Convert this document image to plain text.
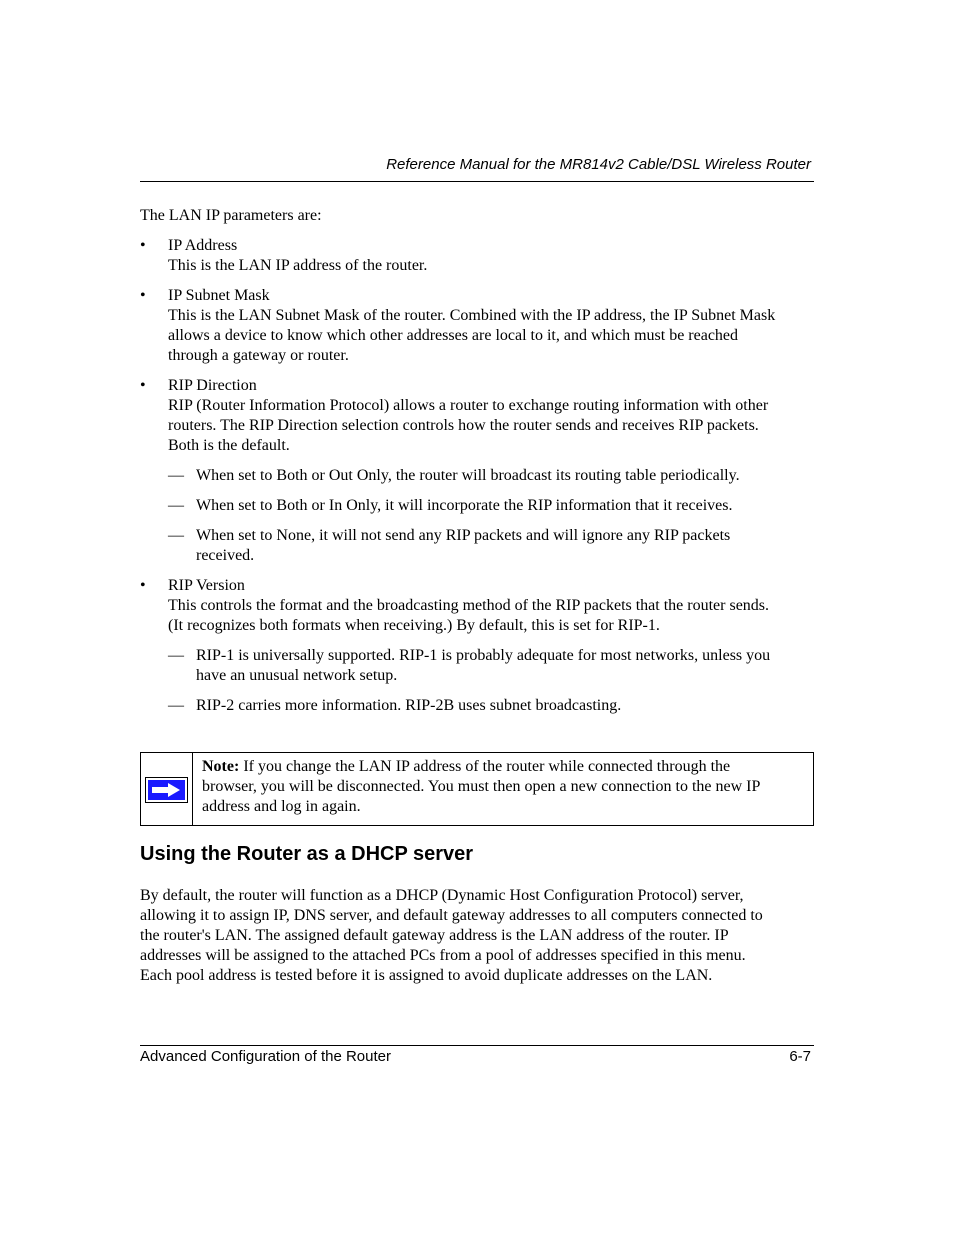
Reference Manual for the MR814v2 Cable/DSL Wireless Router
The LAN IP parameters are:
• IP Address
This is the LAN IP address of the router.
• IP Subnet Mask
This is the LAN Subnet Mask of the router. Combined with the IP address, the IP Subnet Mask
allows a device to know which other addresses are local to it, and which must be reached
through a gateway or router.
• RIP Direction
RIP (Router Information Protocol) allows a router to exchange routing information with other
routers. The RIP Direction selection controls how the router sends and receives RIP packets.
Both is the default.
— When set to Both or Out Only, the router will broadcast its routing table periodically.
— When set to Both or In Only, it will incorporate the RIP information that it receives.
— When set to None, it will not send any RIP packets and will ignore any RIP packets
received.
• RIP Version
This controls the format and the broadcasting method of the RIP packets that the router sends.
(It recognizes both formats when receiving.) By default, this is set for RIP-1.
— RIP-1 is universally supported. RIP-1 is probably adequate for most networks, unless you
have an unusual network setup.
— RIP-2 carries more information. RIP-2B uses subnet broadcasting.
Note: If you change the LAN IP address of the router while connected through the
browser, you will be disconnected. You must then open a new connection to the new IP
address and log in again.
Using the Router as a DHCP server
By default, the router will function as a DHCP (Dynamic Host Configuration Protocol) server,
allowing it to assign IP, DNS server, and default gateway addresses to all computers connected to
the router's LAN. The assigned default gateway address is the LAN address of the router. IP
addresses will be assigned to the attached PCs from a pool of addresses specified in this menu.
Each pool address is tested before it is assigned to avoid duplicate addresses on the LAN.
Advanced Configuration of the Router	6-7
